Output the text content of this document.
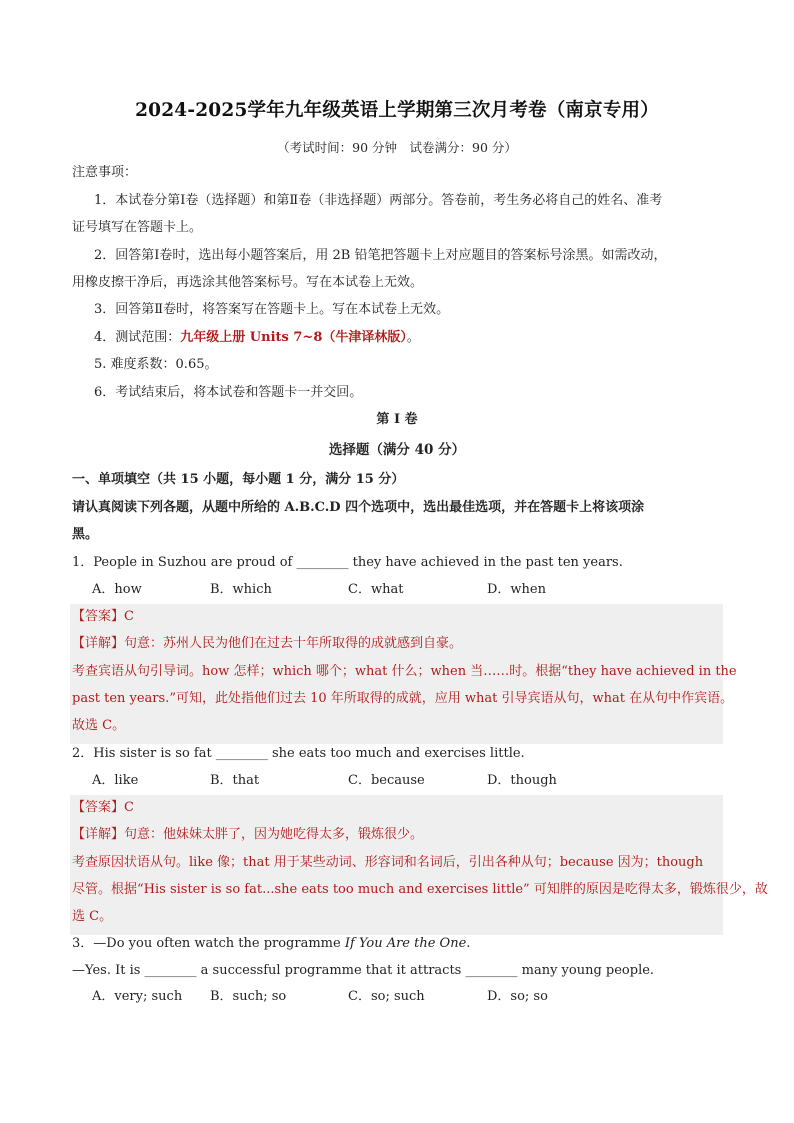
2024-2025学年九年级英语上学期第三次月考卷（南京专用）
（考试时间：90 分钟　试卷满分：90 分）
注意事项：
1．本试卷分第Ⅰ卷（选择题）和第Ⅱ卷（非选择题）两部分。答卷前，考生务必将自己的姓名、准考
证号填写在答题卡上。
2．回答第Ⅰ卷时，选出每小题答案后，用 2B 铅笔把答题卡上对应题目的答案标号涂黑。如需改动，
用橡皮擦干净后，再选涂其他答案标号。写在本试卷上无效。
3．回答第Ⅱ卷时，将答案写在答题卡上。写在本试卷上无效。
4．测试范围：九年级上册 Units 7~8（牛津译林版）。
5. 难度系数：0.65。
6．考试结束后，将本试卷和答题卡一并交回。
第 I 卷
选择题（满分 40 分）
一、单项填空（共 15 小题，每小题 1 分，满分 15 分）
请认真阅读下列各题，从题中所给的 A.B.C.D 四个选项中，选出最佳选项，并在答题卡上将该项涂
黑。
1．People in Suzhou are proud of ________ they have achieved in the past ten years.
A．how	B．which	C．what	D．when
【答案】C
【详解】句意：苏州人民为他们在过去十年所取得的成就感到自豪。
考查宾语从句引导词。how 怎样；which 哪个；what 什么；when 当……时。根据“they have achieved in the
past ten years.”可知，此处指他们过去 10 年所取得的成就，应用 what 引导宾语从句，what 在从句中作宾语。
故选 C。
2．His sister is so fat ________ she eats too much and exercises little.
A．like	B．that	C．because	D．though
【答案】C
【详解】句意：他妹妹太胖了，因为她吃得太多，锻炼很少。
考查原因状语从句。like 像；that 用于某些动词、形容词和名词后，引出各种从句；because 因为；though
尽管。根据“His sister is so fat...she eats too much and exercises little” 可知胖的原因是吃得太多，锻炼很少，故
选 C。
3．—Do you often watch the programme If You Are the One.
—Yes. It is ________ a successful programme that it attracts ________ many young people.
A．very; such B．such; so	C．so; such	D．so; so
